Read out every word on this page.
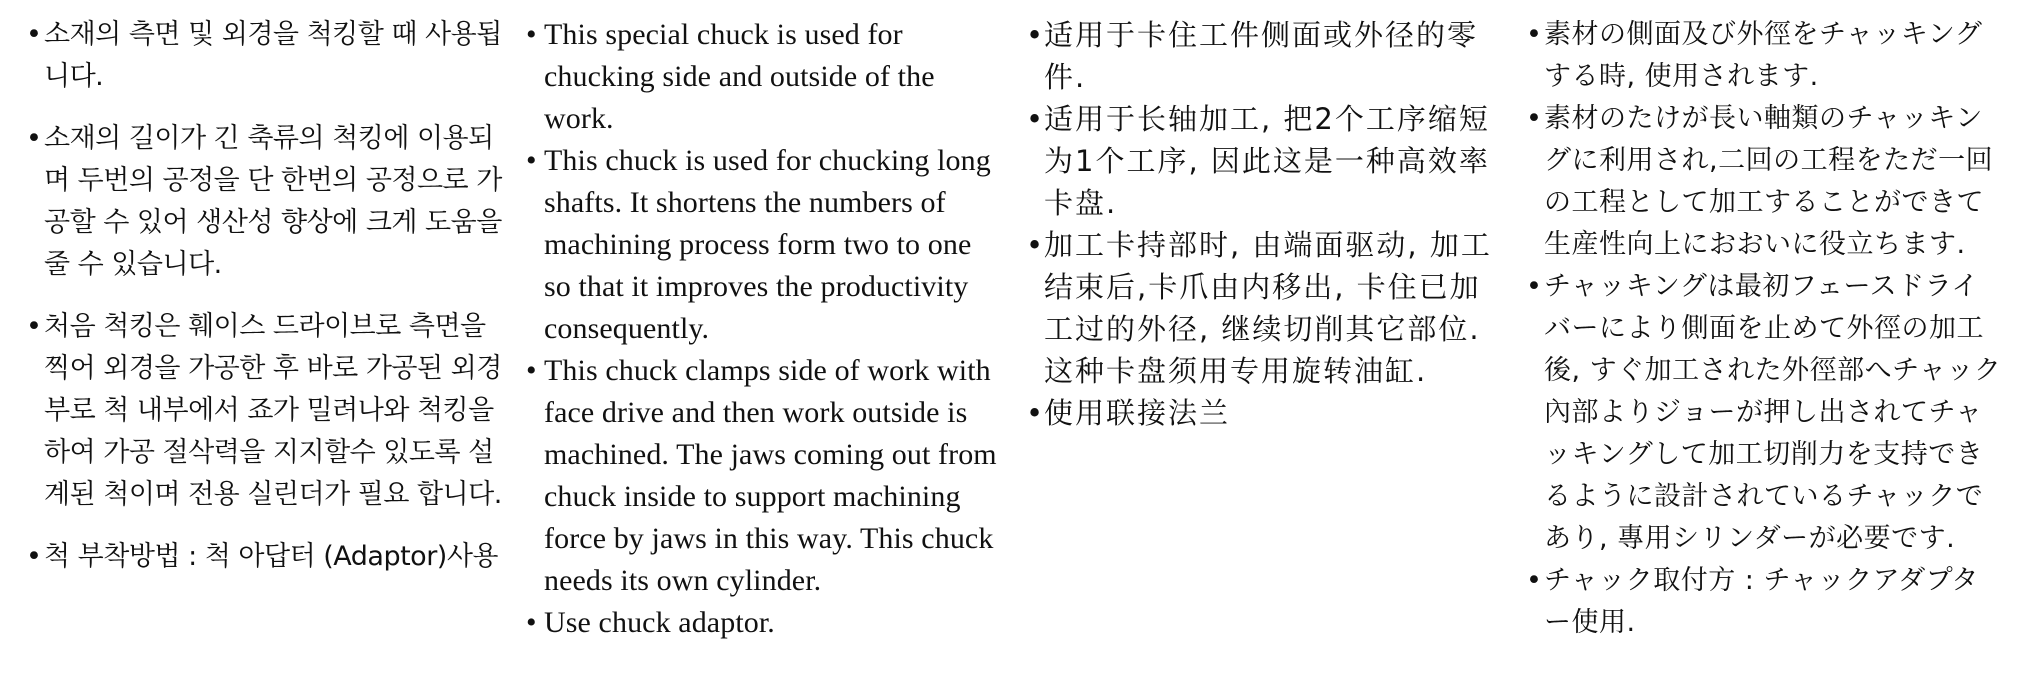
• 소재의 측면 및 외경을 척킹할 때 사용됩니다.
• 소재의 길이가 긴 축류의 척킹에 이용되며 두번의 공정을 단 한번의 공정으로 가공할 수 있어 생산성 향상에 크게 도움을 줄 수 있습니다.
• 처음 척킹은 훼이스 드라이브로 측면을 찍어 외경을 가공한 후 바로 가공된 외경부로 척 내부에서 죠가 밀려나와 척킹을 하여 가공 절삭력을 지지할수 있도록 설계된 척이며 전용 실린더가 필요 합니다.
• 척 부착방법 : 척 아답터 (Adaptor)사용
• This special chuck is used for chucking side and outside of the work.
• This chuck is used for chucking long shafts. It shortens the numbers of machining process form two to one so that it improves the productivity consequently.
• This chuck clamps side of work with face drive and then work outside is machined. The jaws coming out from chuck inside to support machining force by jaws in this way. This chuck needs its own cylinder.
• Use chuck adaptor.
• 适用于卡住工件侧面或外径的零件.
• 适用于长轴加工, 把2个工序缩短为1个工序, 因此这是一种高效率卡盘.
• 加工卡持部时, 由端面驱动, 加工结束后,卡爪由内移出, 卡住已加工过的外径, 继续切削其它部位. 这种卡盘须用专用旋转油缸.
• 使用联接法兰
• 素材の側面及び外徑をチャッキングする時, 使用されます.
• 素材のたけが長い軸類のチャッキングに利用され,二回の工程をただ一回の工程として加工することができて生産性向上におおいに役立ちます.
• チャッキングは最初フェースドライバーにより側面を止めて外徑の加工後, すぐ加工された外徑部へチャック內部よりジョーが押し出されてチャッキングして加工切削力を支持できるように設計されているチャックであり, 專用シリンダーが必要です.
• チャック取付方 : チャックアダプター使用.
